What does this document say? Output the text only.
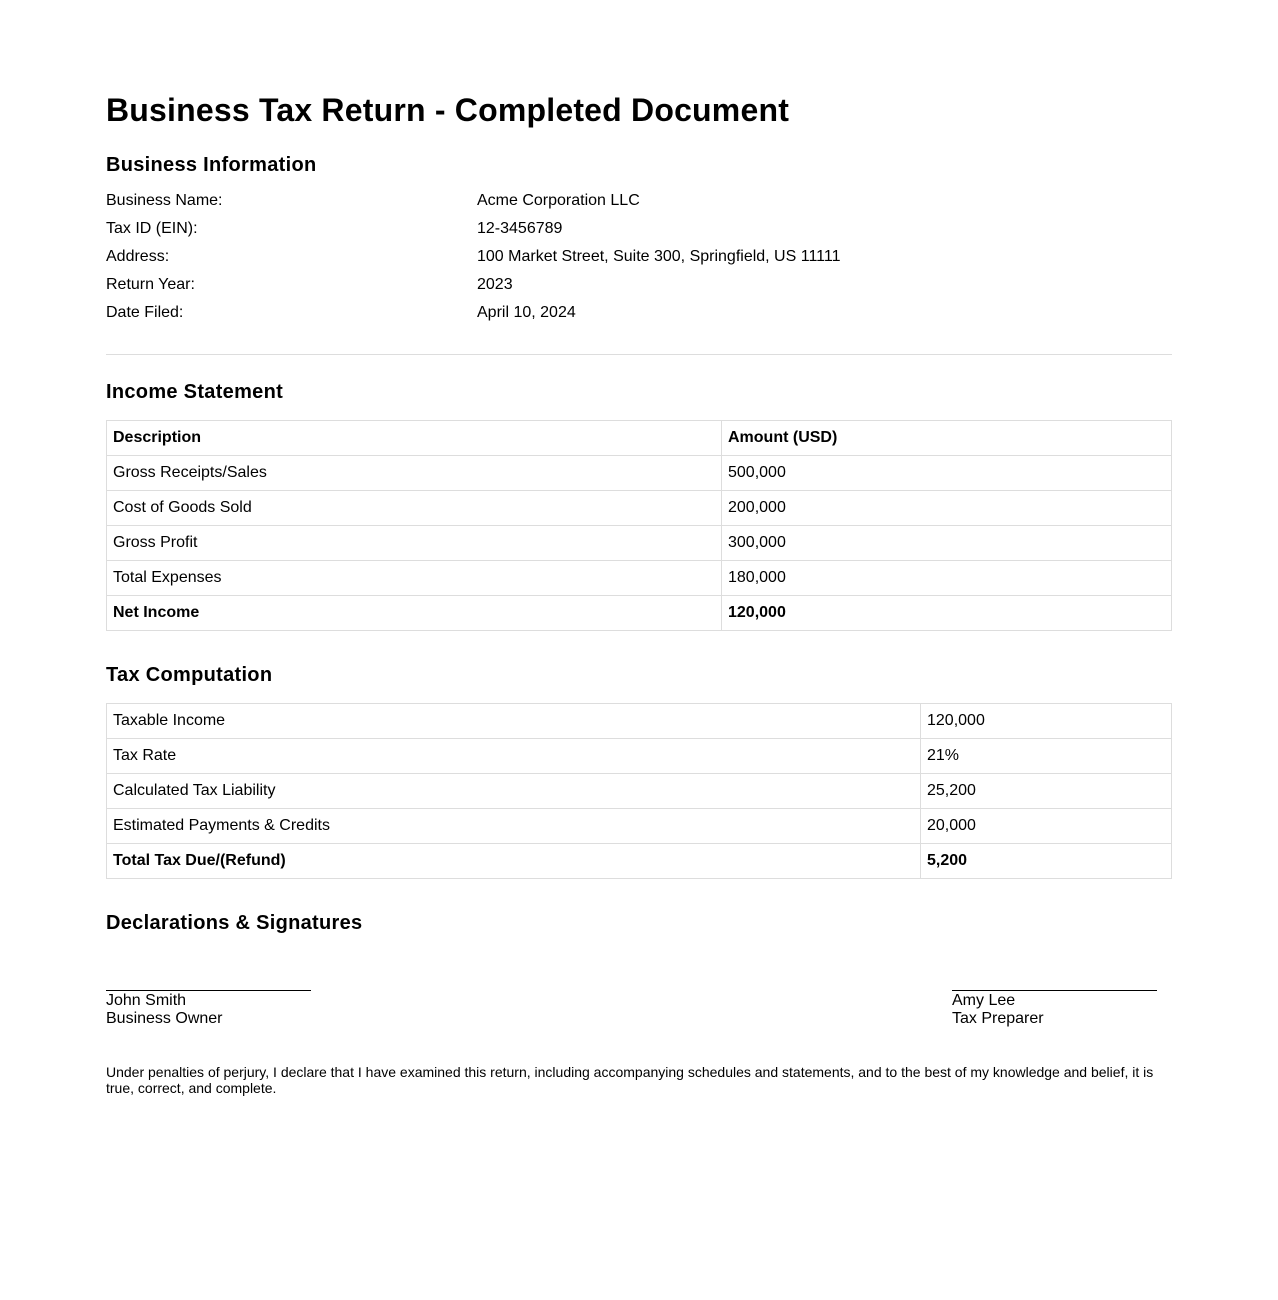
Business Tax Return - Completed Document
Business Information
Business Name:	Acme Corporation LLC
Tax ID (EIN):	12-3456789
Address:	100 Market Street, Suite 300, Springfield, US 11111
Return Year:	2023
Date Filed:	April 10, 2024
Income Statement
Description	Amount (USD)
Gross Receipts/Sales	500,000
Cost of Goods Sold	200,000
Gross Profit	300,000
Total Expenses	180,000
Net Income	120,000
Tax Computation
Taxable Income	120,000
Tax Rate	21%
Calculated Tax Liability	25,200
Estimated Payments & Credits	20,000
Total Tax Due/(Refund)	5,200
Declarations & Signatures
John Smith
Business Owner
Amy Lee
Tax Preparer

Under penalties of perjury, I declare that I have examined this return, including accompanying schedules and statements, and to the best of my knowledge and belief, it is true, correct, and complete.
